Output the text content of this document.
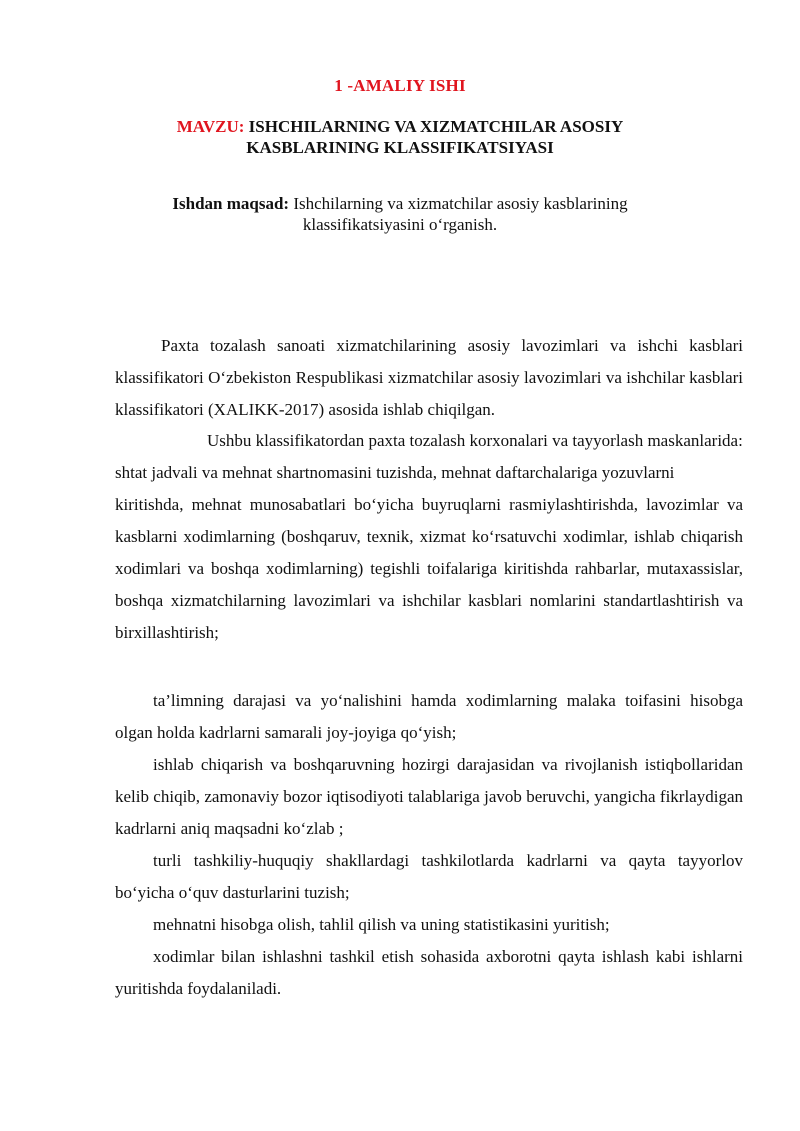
1 -AMALIY ISHI
MAVZU: ISHCHILARNING VA XIZMATCHILAR ASOSIY
KASBLARINING KLASSIFIKATSIYASI
Ishdan maqsad: Ishchilarning va xizmatchilar asosiy kasblarining
klassifikatsiyasini o‘rganish.

Paxta tozalash sanoati xizmatchilarining asosiy lavozimlari va ishchi kasblari klassifikatori O‘zbekiston Respublikasi xizmatchilar asosiy lavozimlari va ishchilar kasblari klassifikatori (XALIKK-2017) asosida ishlab chiqilgan.

Ushbu klassifikatordan paxta tozalash korxonalari va tayyorlash maskanlarida: shtat jadvali va mehnat shartnomasini tuzishda, mehnat daftarchalariga yozuvlarni

kiritishda, mehnat munosabatlari bo‘yicha buyruqlarni rasmiylashtirishda, lavozimlar va kasblarni xodimlarning (boshqaruv, texnik, xizmat ko‘rsatuvchi xodimlar, ishlab chiqarish xodimlari va boshqa xodimlarning) tegishli toifalariga kiritishda rahbarlar, mutaxassislar, boshqa xizmatchilarning lavozimlari va ishchilar kasblari nomlarini standartlashtirish va birxillashtirish;

ta’limning darajasi va yo‘nalishini hamda xodimlarning malaka toifasini hisobga olgan holda kadrlarni samarali joy-joyiga qo‘yish;

ishlab chiqarish va boshqaruvning hozirgi darajasidan va rivojlanish istiqbollaridan kelib chiqib, zamonaviy bozor iqtisodiyoti talablariga javob beruvchi, yangicha fikrlaydigan kadrlarni aniq maqsadni ko‘zlab ;

turli tashkiliy-huquqiy shakllardagi tashkilotlarda kadrlarni va qayta tayyorlov bo‘yicha o‘quv dasturlarini tuzish;

mehnatni hisobga olish, tahlil qilish va uning statistikasini yuritish;

xodimlar bilan ishlashni tashkil etish sohasida axborotni qayta ishlash kabi ishlarni yuritishda foydalaniladi.
